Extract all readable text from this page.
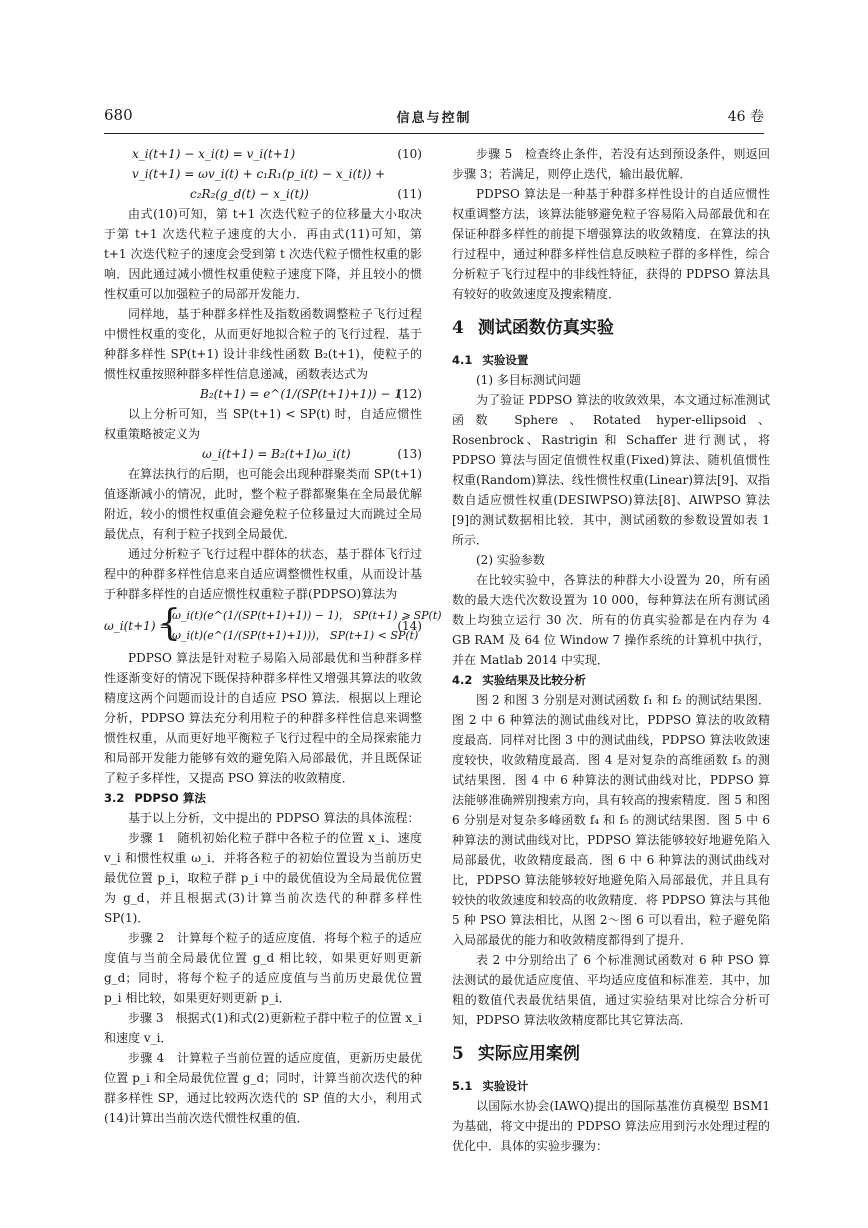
680	信息与控制	46 卷
x_i(t+1) − x_i(t) = v_i(t+1)	(10)
v_i(t+1) = ωv_i(t) + c₁R₁(p_i(t) − x_i(t)) +
c₂R₂(g_d(t) − x_i(t))	(11)

由式(10)可知，第 t+1 次迭代粒子的位移量大小取决于第 t+1 次迭代粒子速度的大小．再由式(11)可知，第 t+1 次迭代粒子的速度会受到第 t 次迭代粒子惯性权重的影响．因此通过减小惯性权重使粒子速度下降，并且较小的惯性权重可以加强粒子的局部开发能力．

同样地，基于种群多样性及指数函数调整粒子飞行过程中惯性权重的变化，从而更好地拟合粒子的飞行过程．基于种群多样性 SP(t+1) 设计非线性函数 B₂(t+1)，使粒子的惯性权重按照种群多样性信息递减，函数表达式为

B₂(t+1) = e^(1/(SP(t+1)+1)) − 1
(12)

以上分析可知，当 SP(t+1) < SP(t) 时，自适应惯性权重策略被定义为

ω_i(t+1) = B₂(t+1)ω_i(t)	(13)

在算法执行的后期，也可能会出现种群聚类而 SP(t+1) 值逐渐减小的情况，此时，整个粒子群都聚集在全局最优解附近，较小的惯性权重值会避免粒子位移量过大而跳过全局最优点，有利于粒子找到全局最优．

通过分析粒子飞行过程中群体的状态，基于群体飞行过程中的种群多样性信息来自适应调整惯性权重，从而设计基于种群多样性的自适应惯性权重粒子群(PDPSO)算法为

ω_i(t+1) =
{
ω_i(t)(e^(1/(SP(t+1)+1)) − 1)， SP(t+1) ⩾ SP(t)
ω_i(t)(e^(1/(SP(t+1)+1)))， SP(t+1) < SP(t)
(14)

PDPSO 算法是针对粒子易陷入局部最优和当种群多样性逐渐变好的情况下既保持种群多样性又增强其算法的收敛精度这两个问题而设计的自适应 PSO 算法．根据以上理论分析，PDPSO 算法充分利用粒子的种群多样性信息来调整惯性权重，从而更好地平衡粒子飞行过程中的全局探索能力和局部开发能力能够有效的避免陷入局部最优，并且既保证了粒子多样性，又提高 PSO 算法的收敛精度．

3.2 PDPSO 算法

基于以上分析，文中提出的 PDPSO 算法的具体流程：

步骤 1　随机初始化粒子群中各粒子的位置 x_i、速度 v_i 和惯性权重 ω_i．并将各粒子的初始位置设为当前历史最优位置 p_i，取粒子群 p_i 中的最优值设为全局最优位置为 g_d，并且根据式(3)计算当前次迭代的种群多样性 SP(1)．

步骤 2　计算每个粒子的适应度值．将每个粒子的适应度值与当前全局最优位置 g_d 相比较，如果更好则更新 g_d；同时，将每个粒子的适应度值与当前历史最优位置 p_i 相比较，如果更好则更新 p_i．

步骤 3　根据式(1)和式(2)更新粒子群中粒子的位置 x_i 和速度 v_i．

步骤 4　计算粒子当前位置的适应度值，更新历史最优位置 p_i 和全局最优位置 g_d；同时，计算当前次迭代的种群多样性 SP，通过比较两次迭代的 SP 值的大小，利用式(14)计算出当前次迭代惯性权重的值．

步骤 5　检查终止条件，若没有达到预设条件，则返回步骤 3；若满足，则停止迭代，输出最优解．

PDPSO 算法是一种基于种群多样性设计的自适应惯性权重调整方法，该算法能够避免粒子容易陷入局部最优和在保证种群多样性的前提下增强算法的收敛精度．在算法的执行过程中，通过种群多样性信息反映粒子群的多样性，综合分析粒子飞行过程中的非线性特征，获得的 PDPSO 算法具有较好的收敛速度及搜索精度．

4 测试函数仿真实验

4.1 实验设置

(1) 多目标测试问题

为了验证 PDPSO 算法的收敛效果，本文通过标准测试函数 Sphere、Rotated hyper-ellipsoid、Rosenbrock、Rastrigin 和 Schaffer 进行测试，将 PDPSO 算法与固定值惯性权重(Fixed)算法、随机值惯性权重(Random)算法、线性惯性权重(Linear)算法[9]、双指数自适应惯性权重(DESIWPSO)算法[8]、AIWPSO 算法[9]的测试数据相比较．其中，测试函数的参数设置如表 1 所示．

(2) 实验参数

在比较实验中，各算法的种群大小设置为 20，所有函数的最大迭代次数设置为 10 000，每种算法在所有测试函数上均独立运行 30 次．所有的仿真实验都是在内存为 4 GB RAM 及 64 位 Window 7 操作系统的计算机中执行，并在 Matlab 2014 中实现．

4.2 实验结果及比较分析

图 2 和图 3 分别是对测试函数 f₁ 和 f₂ 的测试结果图．图 2 中 6 种算法的测试曲线对比，PDPSO 算法的收敛精度最高．同样对比图 3 中的测试曲线，PDPSO 算法收敛速度较快，收敛精度最高．图 4 是对复杂的高维函数 f₃ 的测试结果图．图 4 中 6 种算法的测试曲线对比，PDPSO 算法能够准确辨别搜索方向，具有较高的搜索精度．图 5 和图 6 分别是对复杂多峰函数 f₄ 和 f₅ 的测试结果图．图 5 中 6 种算法的测试曲线对比，PDPSO 算法能够较好地避免陷入局部最优，收敛精度最高．图 6 中 6 种算法的测试曲线对比，PDPSO 算法能够较好地避免陷入局部最优，并且具有较快的收敛速度和较高的收敛精度．将 PDPSO 算法与其他 5 种 PSO 算法相比，从图 2～图 6 可以看出，粒子避免陷入局部最优的能力和收敛精度都得到了提升．

表 2 中分别给出了 6 个标准测试函数对 6 种 PSO 算法测试的最优适应度值、平均适应度值和标准差．其中，加粗的数值代表最优结果值，通过实验结果对比综合分析可知，PDPSO 算法收敛精度都比其它算法高．

5 实际应用案例

5.1 实验设计

以国际水协会(IAWQ)提出的国际基准仿真模型 BSM1 为基础，将文中提出的 PDPSO 算法应用到污水处理过程的优化中．具体的实验步骤为：
